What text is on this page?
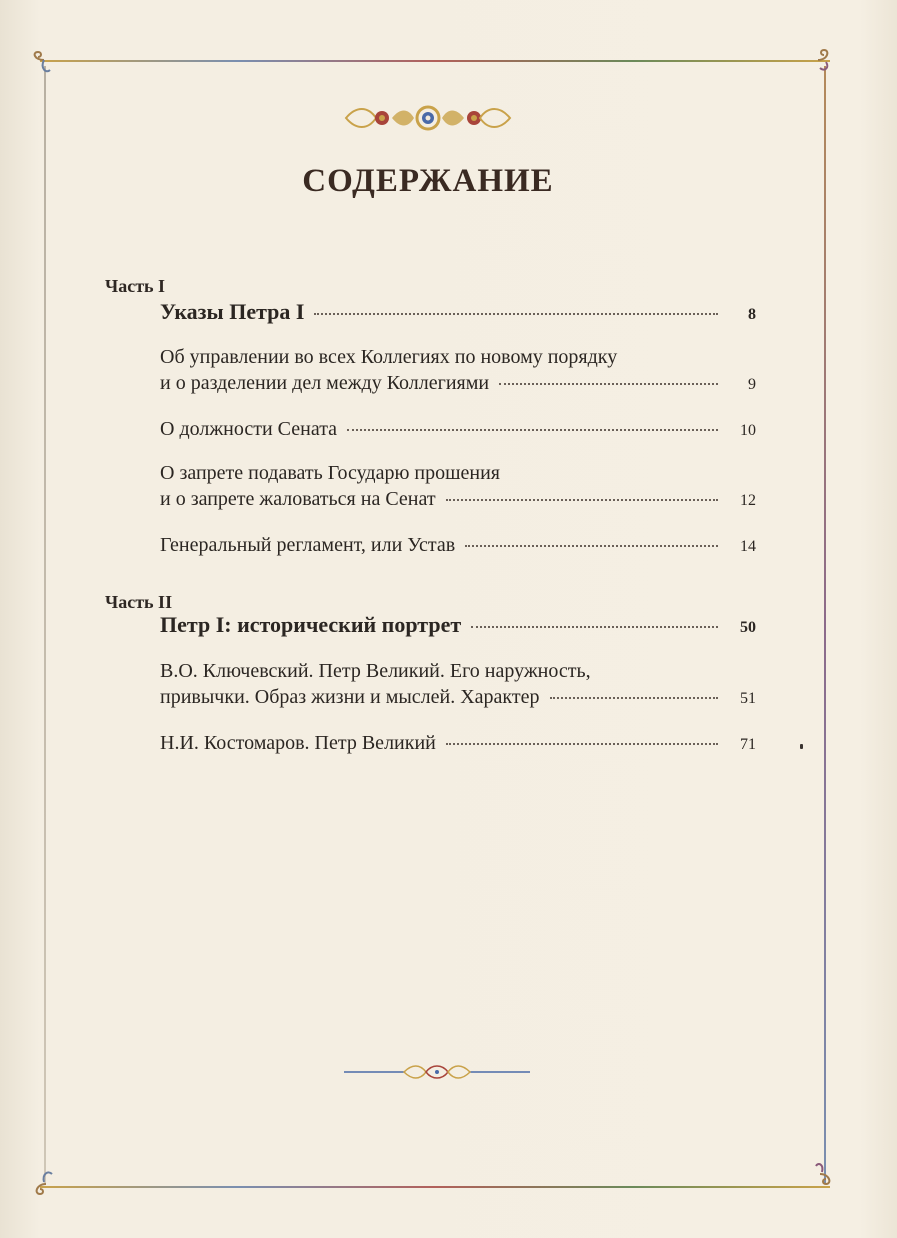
СОДЕРЖАНИЕ
Часть I
Указы Петра I	8
Об управлении во всех Коллегиях по новому порядку
и о разделении дел между Коллегиями	9
О должности Сената	10
О запрете подавать Государю прошения
и о запрете жаловаться на Сенат	12
Генеральный регламент, или Устав	14
Часть II
Петр I: исторический портрет	50
В.О. Ключевский. Петр Великий. Его наружность,
привычки. Образ жизни и мыслей. Характер	51
Н.И. Костомаров. Петр Великий	71
